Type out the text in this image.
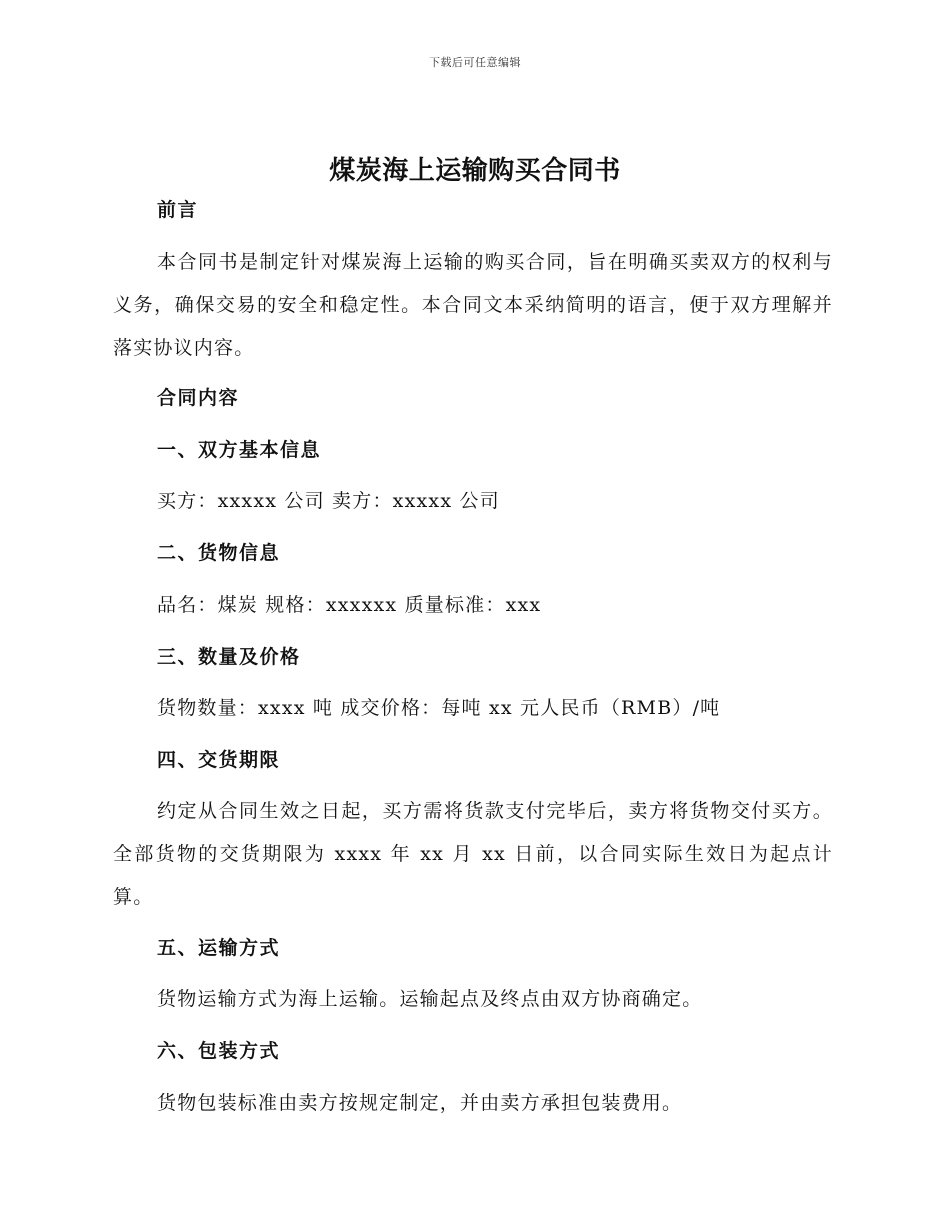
下载后可任意编辑
煤炭海上运输购买合同书
前言
本合同书是制定针对煤炭海上运输的购买合同，旨在明确买卖双方的权利与义务，确保交易的安全和稳定性。本合同文本采纳简明的语言，便于双方理解并落实协议内容。
合同内容
一、双方基本信息
买方：xxxxx 公司 卖方：xxxxx 公司
二、货物信息
品名：煤炭 规格：xxxxxx 质量标准：xxx
三、数量及价格
货物数量：xxxx 吨 成交价格：每吨 xx 元人民币（RMB）/吨
四、交货期限
约定从合同生效之日起，买方需将货款支付完毕后，卖方将货物交付买方。 全部货物的交货期限为 xxxx 年 xx 月 xx 日前，以合同实际生效日为起点计算。
五、运输方式
货物运输方式为海上运输。运输起点及终点由双方协商确定。
六、包装方式
货物包装标准由卖方按规定制定，并由卖方承担包装费用。
